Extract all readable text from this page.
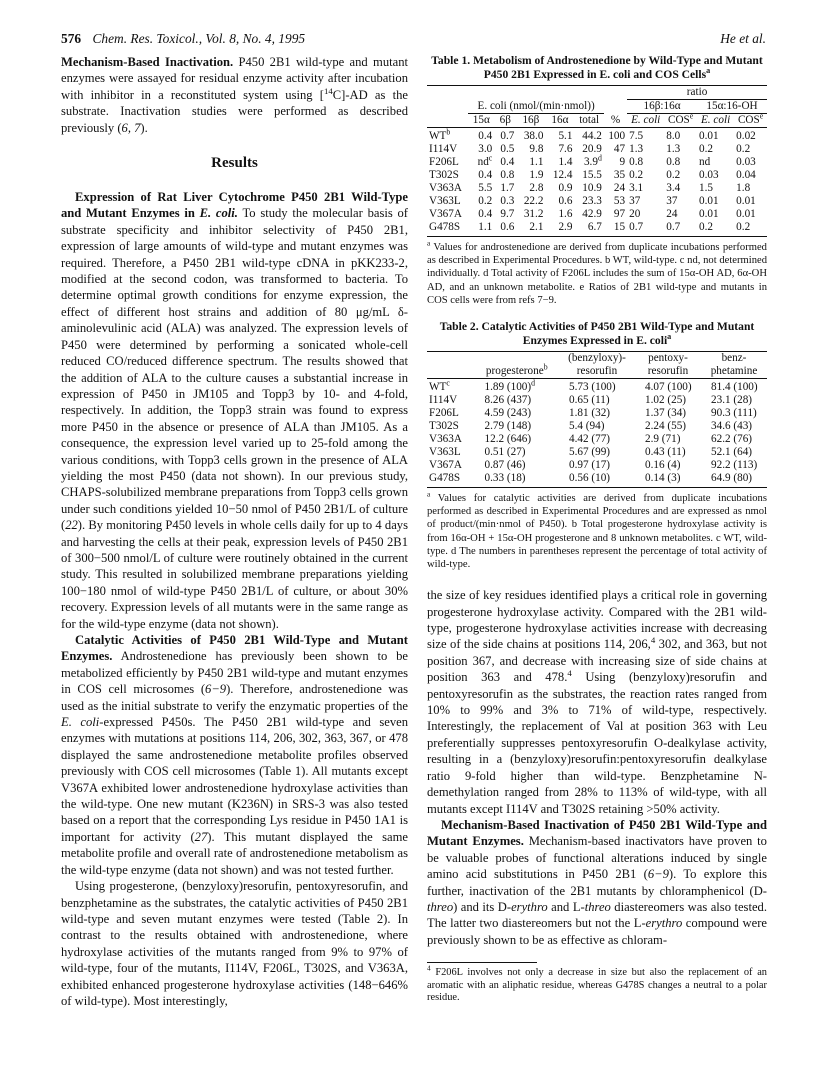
576 Chem. Res. Toxicol., Vol. 8, No. 4, 1995	He et al.

Mechanism-Based Inactivation. P450 2B1 wild-type and mutant enzymes were assayed for residual enzyme activity after incubation with inhibitor in a reconstituted system using [$^{14}$C]-AD as the substrate. Inactivation studies were performed as described previously (6, 7).

Results

Expression of Rat Liver Cytochrome P450 2B1 Wild-Type and Mutant Enzymes in E. coli. To study the molecular basis of substrate specificity and inhibitor selectivity of P450 2B1, expression of large amounts of wild-type and mutant enzymes was required. Therefore, a P450 2B1 wild-type cDNA in pKK233-2, modified at the second codon, was transformed to bacteria. To determine optimal growth conditions for enzyme expression, the effect of different host strains and addition of 80 μg/mL δ-aminolevulinic acid (ALA) was analyzed. The expression levels of P450 were determined by performing a sonicated whole-cell reduced CO/reduced difference spectrum. The results showed that the addition of ALA to the culture causes a substantial increase in expression of P450 in JM105 and Topp3 by 10- and 4-fold, respectively. In addition, the Topp3 strain was found to express more P450 in the absence or presence of ALA than JM105. As a consequence, the expression level varied up to 25-fold among the various conditions, with Topp3 cells grown in the presence of ALA yielding the most P450 (data not shown). In our previous study, CHAPS-solubilized membrane preparations from Topp3 cells grown under such conditions yielded 10−50 nmol of P450 2B1/L of culture (22). By monitoring P450 levels in whole cells daily for up to 4 days and harvesting the cells at their peak, expression levels of P450 2B1 of 300−500 nmol/L of culture were routinely obtained in the current study. This resulted in solubilized membrane preparations yielding 100−180 nmol of wild-type P450 2B1/L of culture, or about 30% recovery. Expression levels of all mutants were in the same range as for the wild-type enzyme (data not shown).

Catalytic Activities of P450 2B1 Wild-Type and Mutant Enzymes. Androstenedione has previously been shown to be metabolized efficiently by P450 2B1 wild-type and mutant enzymes in COS cell microsomes (6−9). Therefore, androstenedione was used as the initial substrate to verify the enzymatic properties of the E. coli-expressed P450s. The P450 2B1 wild-type and seven enzymes with mutations at positions 114, 206, 302, 363, 367, or 478 displayed the same androstenedione metabolite profiles observed previously with COS cell microsomes (Table 1). All mutants except V367A exhibited lower androstenedione hydroxylase activities than the wild-type. One new mutant (K236N) in SRS-3 was also tested based on a report that the corresponding Lys residue in P450 1A1 is important for activity (27). This mutant displayed the same metabolite profile and overall rate of androstenedione metabolism as the wild-type enzyme (data not shown) and was not tested further.

Using progesterone, (benzyloxy)resorufin, pentoxyresorufin, and benzphetamine as the substrates, the catalytic activities of P450 2B1 wild-type and seven mutant enzymes were tested (Table 2). In contrast to the results obtained with androstenedione, where hydroxylase activities of the mutants ranged from 9% to 97% of wild-type, four of the mutants, I114V, F206L, T302S, and V363A, exhibited enhanced progesterone hydroxylase activities (148−646% of wild-type). Most interestingly,

Table 1. Metabolism of Androstenedione by Wild-Type and Mutant P450 2B1 Expressed in E. coli and COS Cells$^a$
							ratio			
	E. coli (nmol/(min·nmol))						16β:16α		15α:16-OH	
	15α	6β	16β	16α	total	%	E. coli	COS$^e$	E. coli	COS$^e$
$WT^b$	0.4	0.7	38.0	5.1	44.2	100	7.5	8.0	0.01	0.02
I114V	3.0	0.5	9.8	7.6	20.9	47	1.3	1.3	0.2	0.2
F206L	$nd^c$	0.4	1.1	1.4	3.9$^d$	9	0.8	0.8	nd	0.03
T302S	0.4	0.8	1.9	12.4	15.5	35	0.2	0.2	0.03	0.04
V363A	5.5	1.7	2.8	0.9	10.9	24	3.1	3.4	1.5	1.8
V363L	0.2	0.3	22.2	0.6	23.3	53	37	37	0.01	0.01
V367A	0.4	9.7	31.2	1.6	42.9	97	20	24	0.01	0.01
G478S	1.1	0.6	2.1	2.9	6.7	15	0.7	0.7	0.2	0.2
$^a$ Values for androstenedione are derived from duplicate incubations performed as described in Experimental Procedures. b WT, wild-type. c nd, not determined individually. d Total activity of F206L includes the sum of 15α-OH AD, 6α-OH AD, and an unknown metabolite. e Ratios of 2B1 wild-type and mutants in COS cells were from refs 7−9.
Table 2. Catalytic Activities of P450 2B1 Wild-Type and Mutant Enzymes Expressed in E. coli$^a$
	progesterone$^b$	(benzyloxy)-resorufin	pentoxy-resorufin	benz-phetamine
$WT^c$	1.89 $(100)^d$	5.73 (100)	4.07 (100)	81.4 (100)
I114V	8.26 (437)	0.65 (11)	1.02 (25)	23.1 (28)
F206L	4.59 (243)	1.81 (32)	1.37 (34)	90.3 (111)
T302S	2.79 (148)	5.4 (94)	2.24 (55)	34.6 (43)
V363A	12.2 (646)	4.42 (77)	2.9 (71)	62.2 (76)
V363L	0.51 (27)	5.67 (99)	0.43 (11)	52.1 (64)
V367A	0.87 (46)	0.97 (17)	0.16 (4)	92.2 (113)
G478S	0.33 (18)	0.56 (10)	0.14 (3)	64.9 (80)
$^a$ Values for catalytic activities are derived from duplicate incubations performed as described in Experimental Procedures and are expressed as nmol of product/(min·nmol of P450). b Total progesterone hydroxylase activity is from 16α-OH + 15α-OH progesterone and 8 unknown metabolites. c WT, wild-type. d The numbers in parentheses represent the percentage of total activity of wild-type.

the size of key residues identified plays a critical role in governing progesterone hydroxylase activity. Compared with the 2B1 wild-type, progesterone hydroxylase activities increase with decreasing size of the side chains at positions 114, 206,$^4$ 302, and 363, but not position 367, and decrease with increasing size of side chains at position 363 and 478.$^4$ Using (benzyloxy)resorufin and pentoxyresorufin as the substrates, the reaction rates ranged from 10% to 99% and 3% to 71% of wild-type, respectively. Interestingly, the replacement of Val at position 363 with Leu preferentially suppresses pentoxyresorufin O-dealkylase activity, resulting in a (benzyloxy)resorufin:pentoxyresorufin dealkylase ratio 9-fold higher than wild-type. Benzphetamine N-demethylation ranged from 28% to 113% of wild-type, with all mutants except I114V and T302S retaining >50% activity.

Mechanism-Based Inactivation of P450 2B1 Wild-Type and Mutant Enzymes. Mechanism-based inactivators have proven to be valuable probes of functional alterations induced by single amino acid substitutions in P450 2B1 (6−9). To explore this further, inactivation of the 2B1 mutants by chloramphenicol (D-threo) and its D-erythro and L-threo diastereomers was also tested. The latter two diastereomers but not the L-erythro compound were previously shown to be as effective as chloram-

$^4$ F206L involves not only a decrease in size but also the replacement of an aromatic with an aliphatic residue, whereas G478S changes a neutral to a polar residue.
